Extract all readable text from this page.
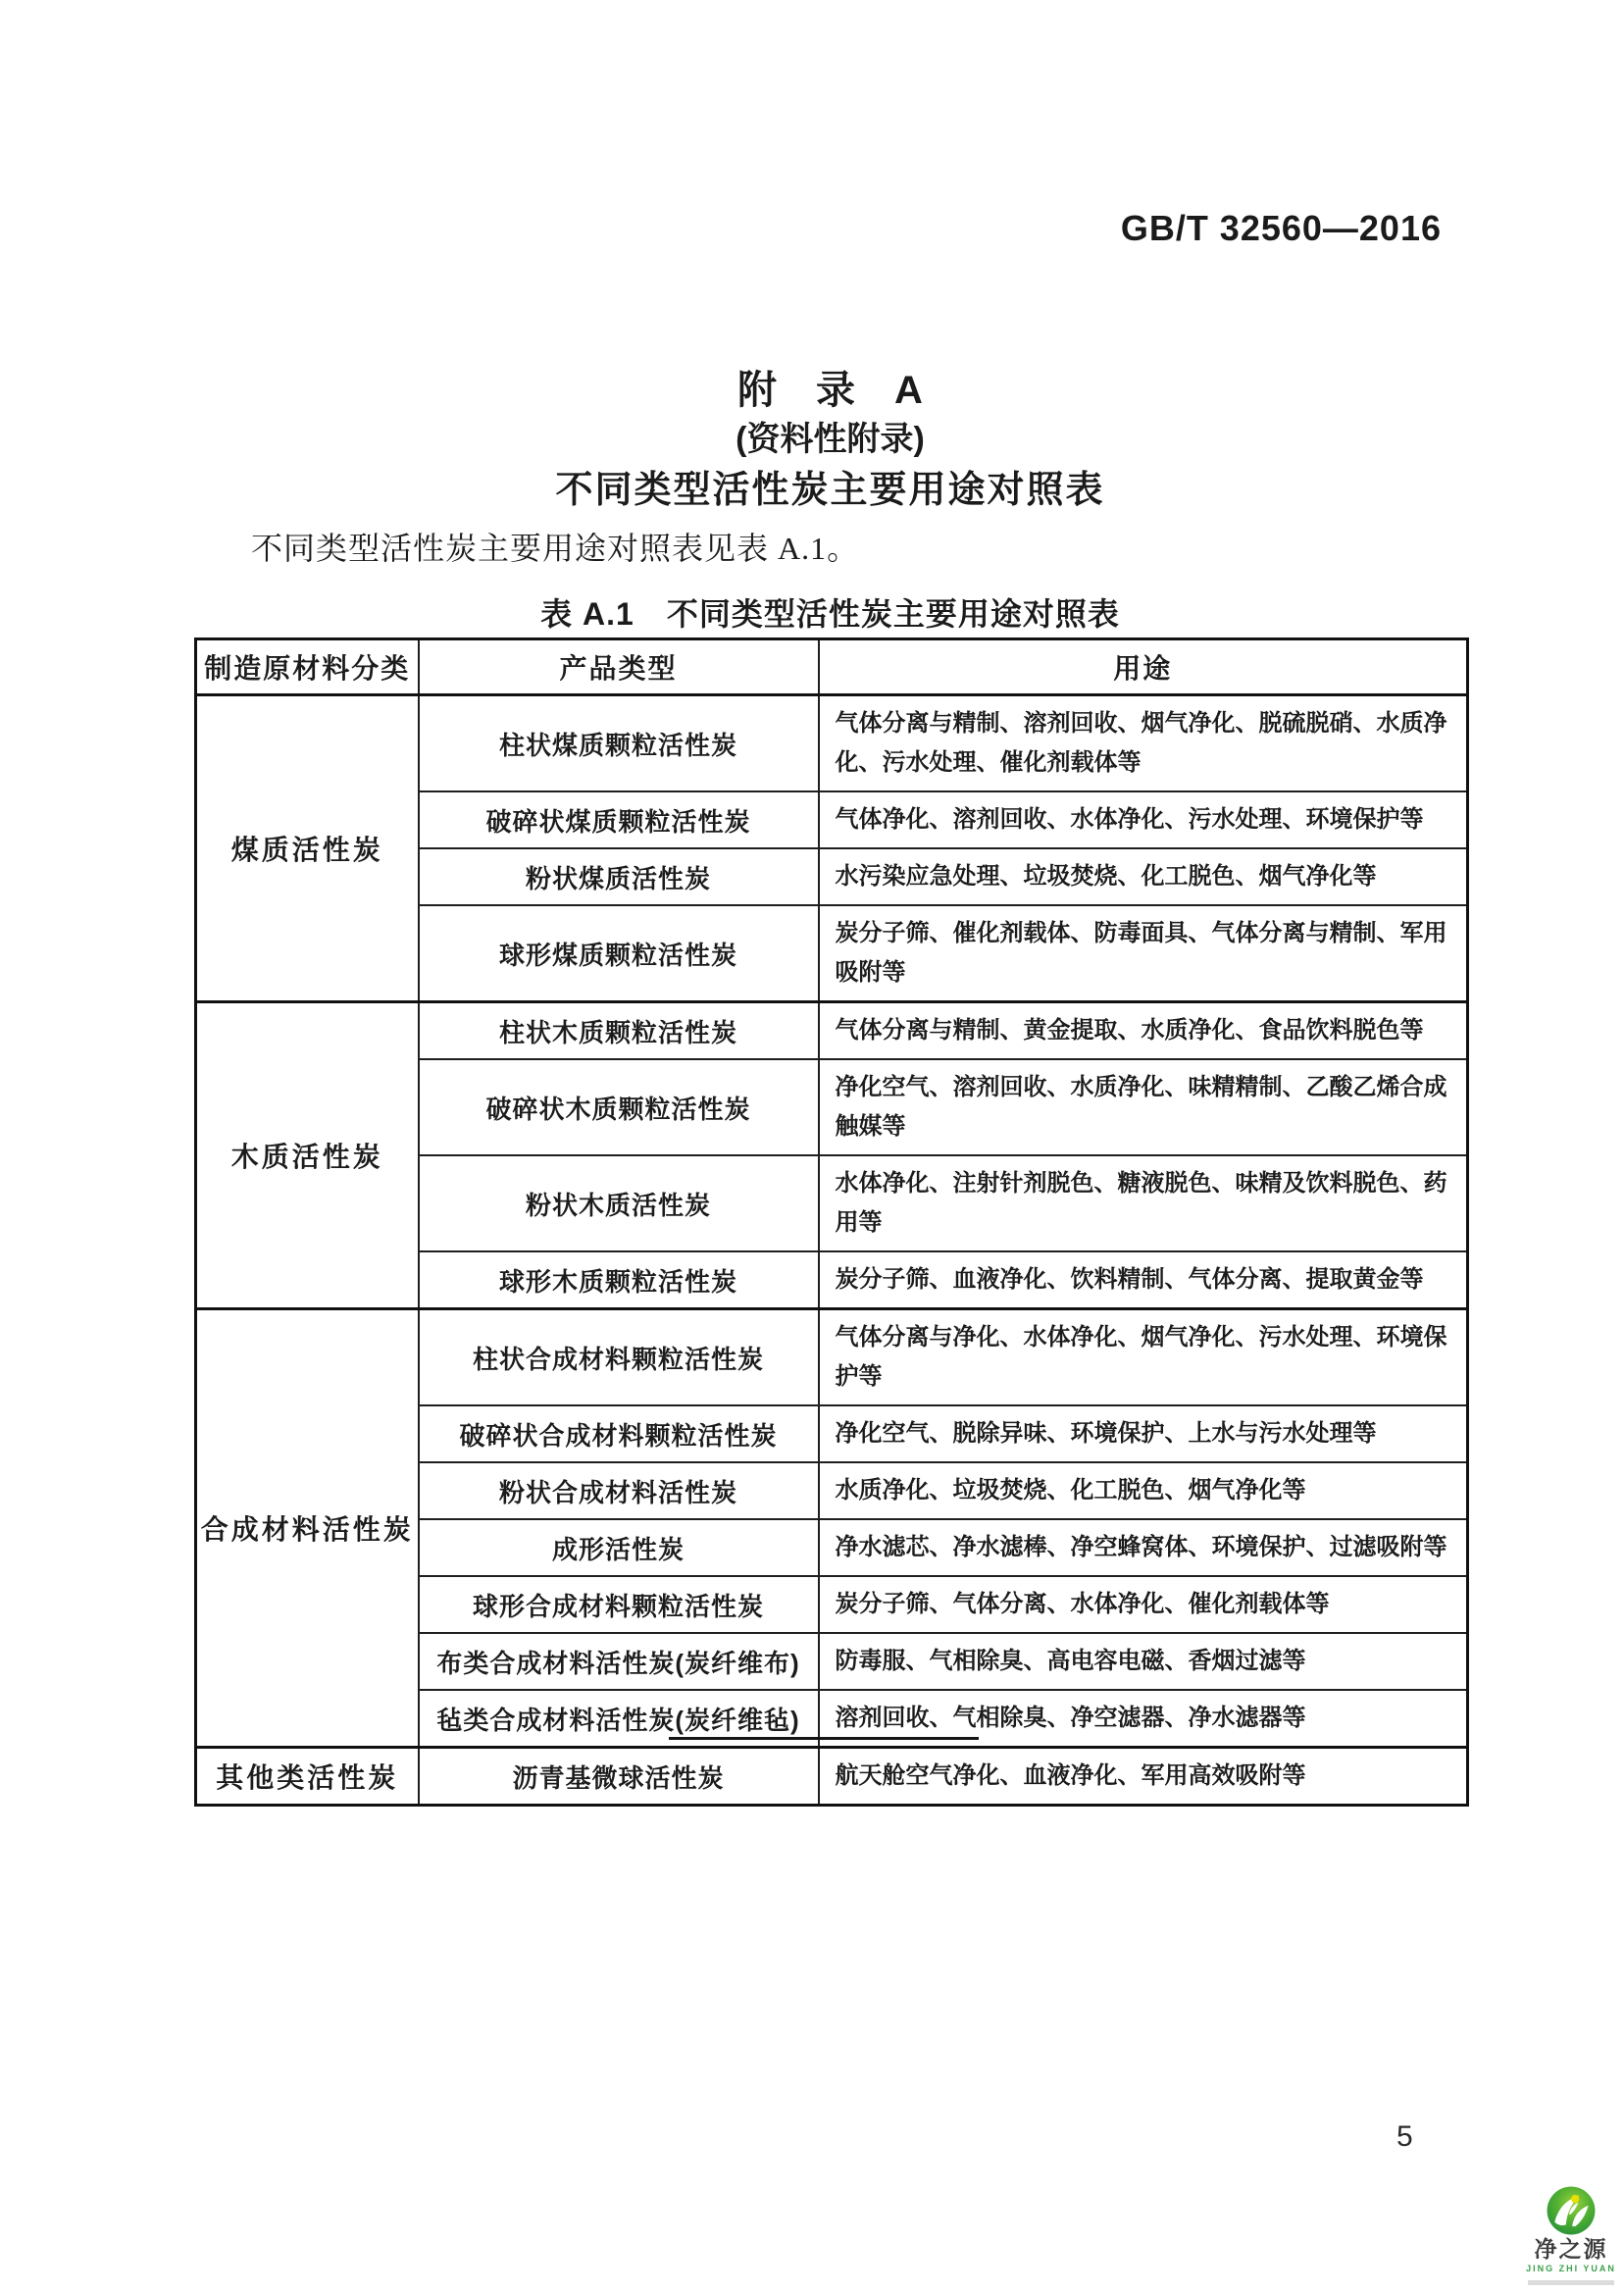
GB/T 32560—2016
附　录　A
(资料性附录)
不同类型活性炭主要用途对照表
表 A.1　不同类型活性炭主要用途对照表
不同类型活性炭主要用途对照表见表 A.1。
制造原材料分类	产品类型	用途
煤质活性炭	柱状煤质颗粒活性炭	气体分离与精制、溶剂回收、烟气净化、脱硫脱硝、水质净化、污水处理、催化剂载体等
	破碎状煤质颗粒活性炭	气体净化、溶剂回收、水体净化、污水处理、环境保护等
	粉状煤质活性炭	水污染应急处理、垃圾焚烧、化工脱色、烟气净化等
	球形煤质颗粒活性炭	炭分子筛、催化剂载体、防毒面具、气体分离与精制、军用吸附等
木质活性炭	柱状木质颗粒活性炭	气体分离与精制、黄金提取、水质净化、食品饮料脱色等
	破碎状木质颗粒活性炭	净化空气、溶剂回收、水质净化、味精精制、乙酸乙烯合成触媒等
	粉状木质活性炭	水体净化、注射针剂脱色、糖液脱色、味精及饮料脱色、药用等
	球形木质颗粒活性炭	炭分子筛、血液净化、饮料精制、气体分离、提取黄金等
合成材料活性炭	柱状合成材料颗粒活性炭	气体分离与净化、水体净化、烟气净化、污水处理、环境保护等
	破碎状合成材料颗粒活性炭	净化空气、脱除异味、环境保护、上水与污水处理等
	粉状合成材料活性炭	水质净化、垃圾焚烧、化工脱色、烟气净化等
	成形活性炭	净水滤芯、净水滤棒、净空蜂窝体、环境保护、过滤吸附等
	球形合成材料颗粒活性炭	炭分子筛、气体分离、水体净化、催化剂载体等
	布类合成材料活性炭(炭纤维布)	防毒服、气相除臭、高电容电磁、香烟过滤等
	毡类合成材料活性炭(炭纤维毡)	溶剂回收、气相除臭、净空滤器、净水滤器等
其他类活性炭	沥青基微球活性炭	航天舱空气净化、血液净化、军用高效吸附等
5
净之源
JING ZHI YUAN
